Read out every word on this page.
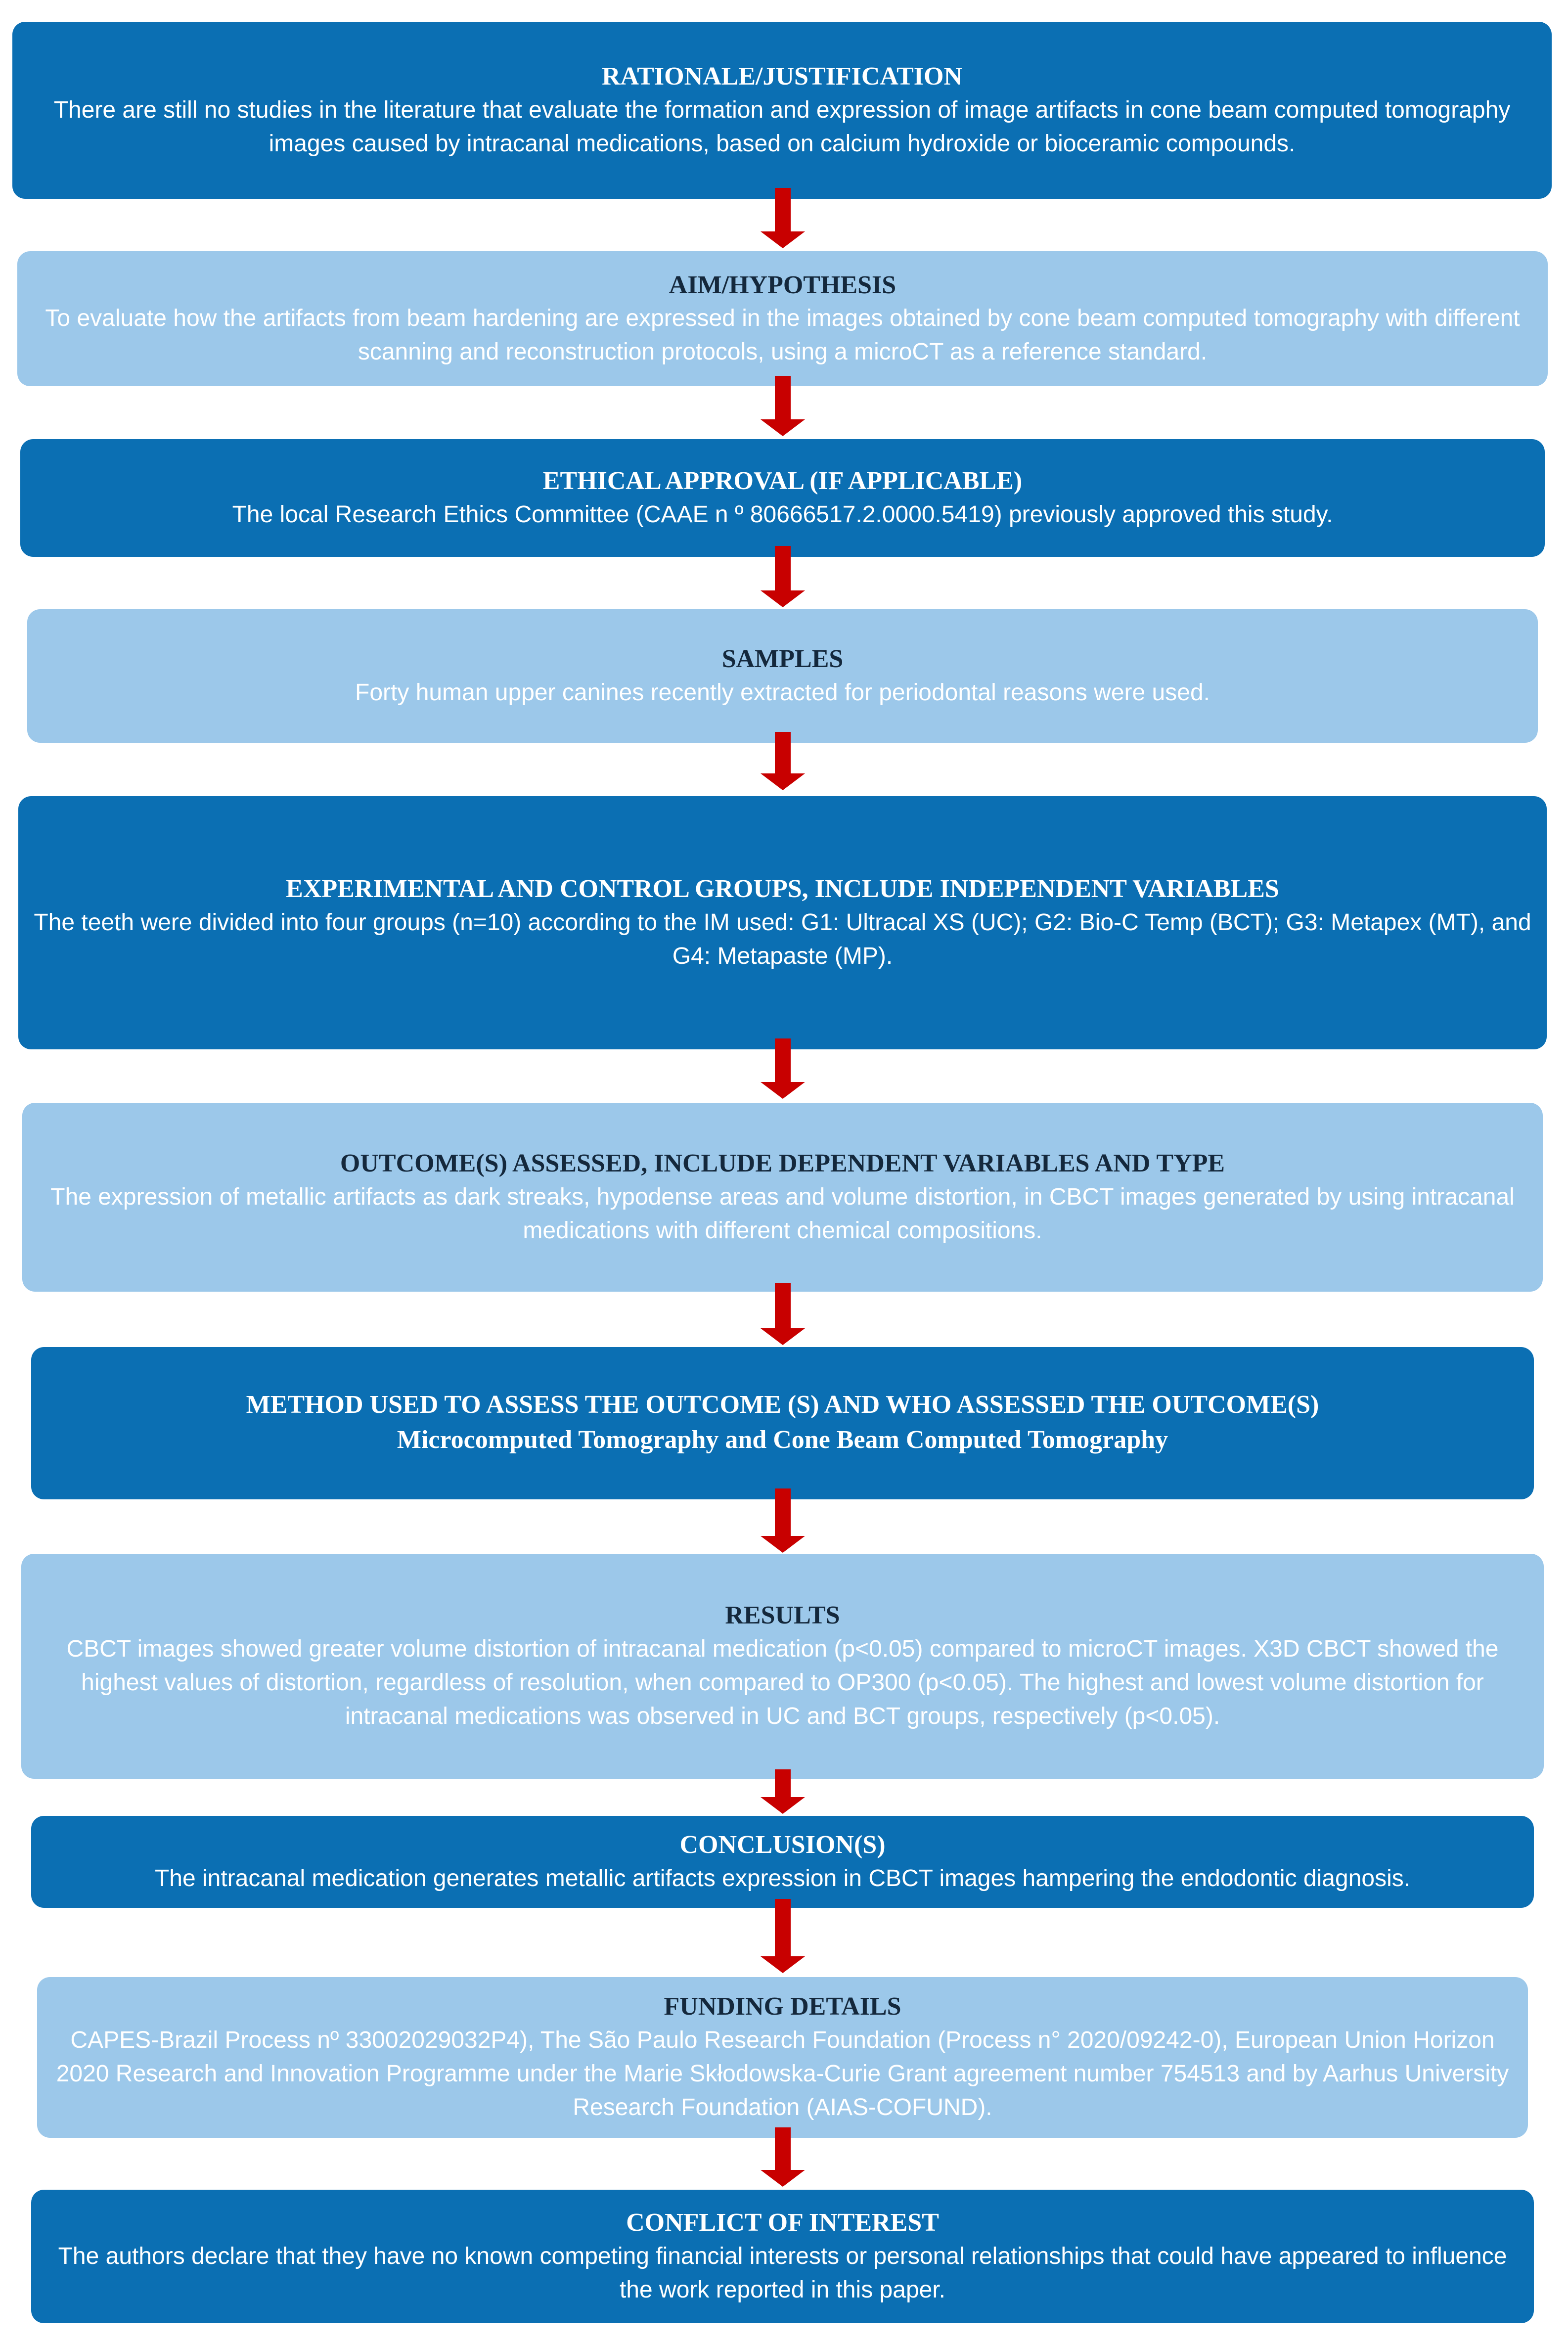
RATIONALE/JUSTIFICATION
There are still no studies in the literature that evaluate the formation and expression of image artifacts in cone beam computed tomography images caused by intracanal medications, based on calcium hydroxide or bioceramic compounds.
AIM/HYPOTHESIS
To evaluate how the artifacts from beam hardening are expressed in the images obtained by cone beam computed tomography with different scanning and reconstruction protocols, using a microCT as a reference standard.
ETHICAL APPROVAL (IF APPLICABLE)
The local Research Ethics Committee (CAAE n º 80666517.2.0000.5419) previously approved this study.
SAMPLES
Forty human upper canines recently extracted for periodontal reasons were used.
EXPERIMENTAL AND CONTROL GROUPS, INCLUDE INDEPENDENT VARIABLES
The teeth were divided into four groups (n=10) according to the IM used: G1: Ultracal XS (UC); G2: Bio-C Temp (BCT); G3: Metapex (MT), and G4: Metapaste (MP).
OUTCOME(S) ASSESSED, INCLUDE DEPENDENT VARIABLES AND TYPE
The expression of metallic artifacts as dark streaks, hypodense areas and volume distortion, in CBCT images generated by using intracanal medications with different chemical compositions.
METHOD USED TO ASSESS THE OUTCOME (S) AND WHO ASSESSED THE OUTCOME(S)
Microcomputed Tomography and Cone Beam Computed Tomography
RESULTS
CBCT images showed greater volume distortion of intracanal medication (p<0.05) compared to microCT images. X3D CBCT showed the highest values of distortion, regardless of resolution, when compared to OP300 (p<0.05). The highest and lowest volume distortion for intracanal medications was observed in UC and BCT groups, respectively (p<0.05).
CONCLUSION(S)
The intracanal medication generates metallic artifacts expression in CBCT images hampering the endodontic diagnosis.
FUNDING DETAILS
CAPES-Brazil Process nº 33002029032P4), The São Paulo Research Foundation (Process n° 2020/09242-0), European Union Horizon 2020 Research and Innovation Programme under the Marie Skłodowska-Curie Grant agreement number 754513 and by Aarhus University Research Foundation (AIAS-COFUND).
CONFLICT OF INTEREST
The authors declare that they have no known competing financial interests or personal relationships that could have appeared to influence the work reported in this paper.
